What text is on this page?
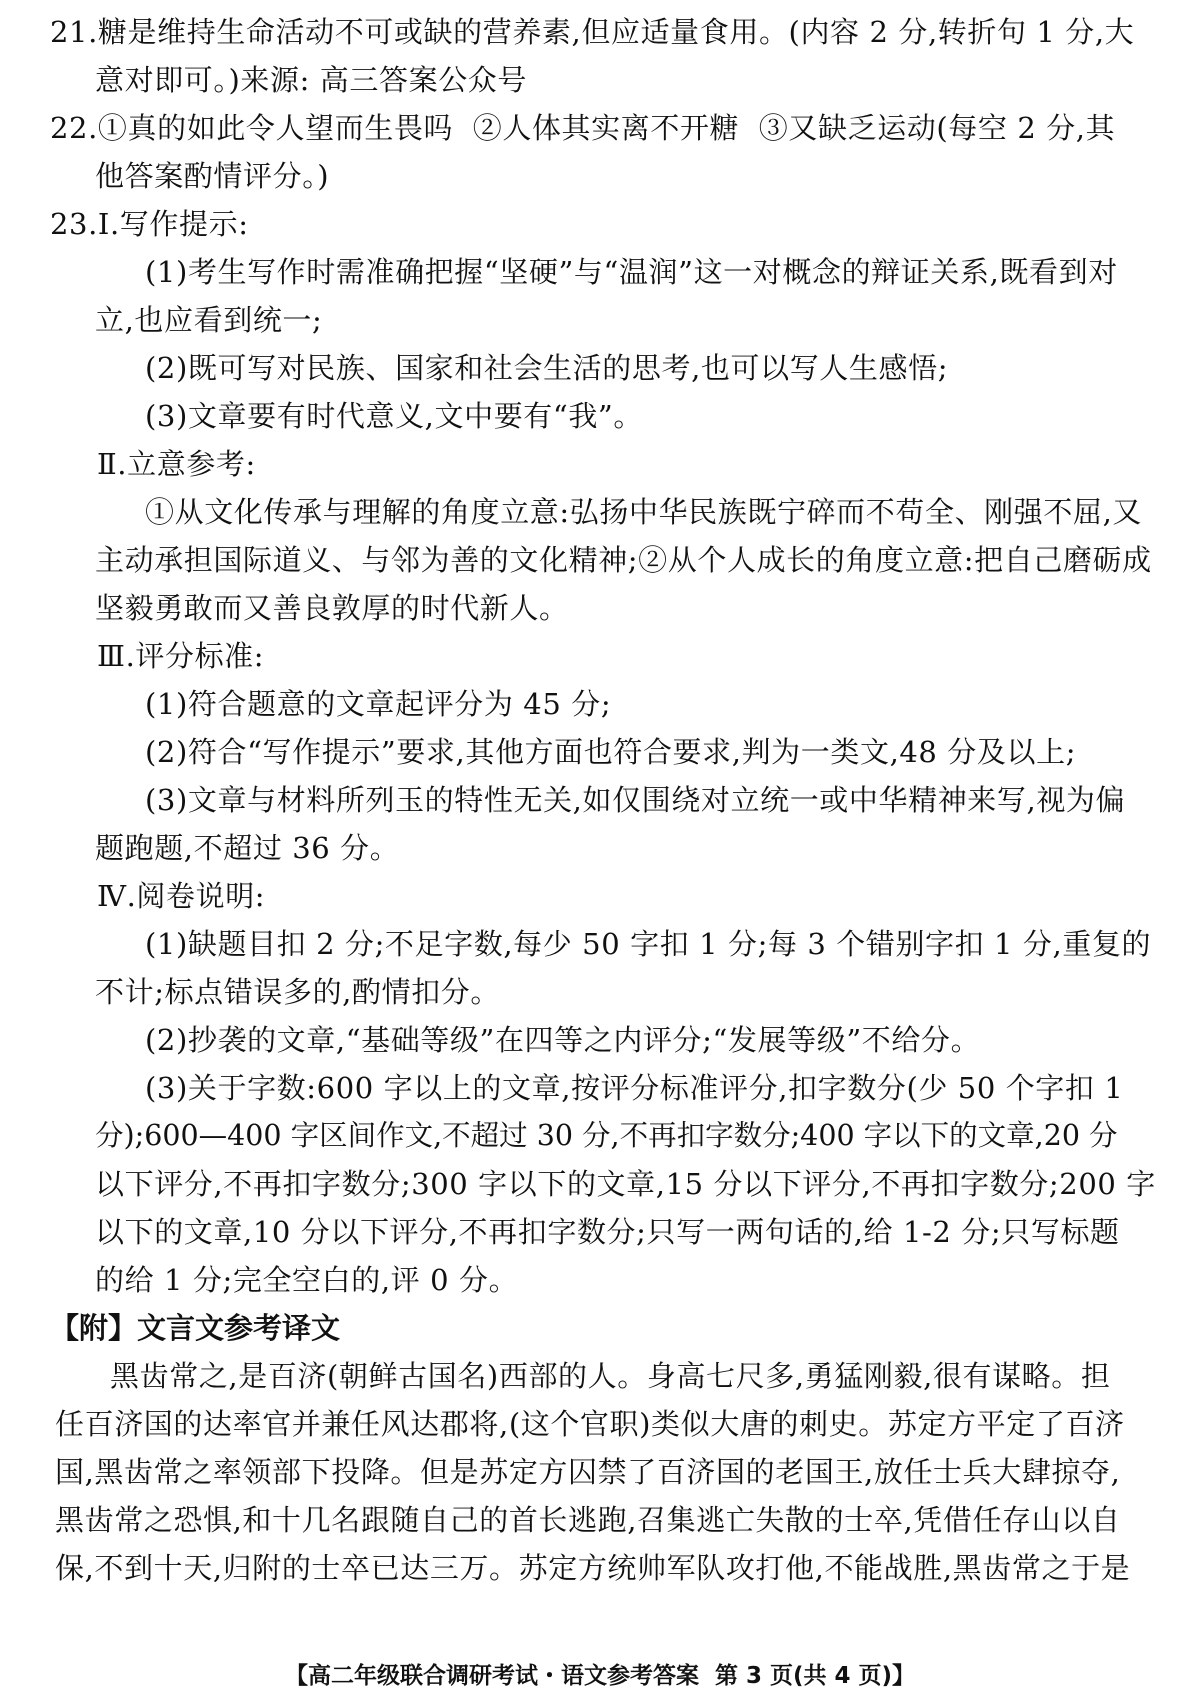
21.糖是维持生命活动不可或缺的营养素,但应适量食用。(内容 2 分,转折句 1 分,大
意对即可。)来源: 高三答案公众号
22.①真的如此令人望而生畏吗  ②人体其实离不开糖  ③又缺乏运动(每空 2 分,其
他答案酌情评分。)
23.Ⅰ.写作提示:
(1)考生写作时需准确把握“坚硬”与“温润”这一对概念的辩证关系,既看到对
立,也应看到统一;
(2)既可写对民族、国家和社会生活的思考,也可以写人生感悟;
(3)文章要有时代意义,文中要有“我”。
Ⅱ.立意参考:
①从文化传承与理解的角度立意:弘扬中华民族既宁碎而不苟全、刚强不屈,又
主动承担国际道义、与邻为善的文化精神;②从个人成长的角度立意:把自己磨砺成
坚毅勇敢而又善良敦厚的时代新人。
Ⅲ.评分标准:
(1)符合题意的文章起评分为 45 分;
(2)符合“写作提示”要求,其他方面也符合要求,判为一类文,48 分及以上;
(3)文章与材料所列玉的特性无关,如仅围绕对立统一或中华精神来写,视为偏
题跑题,不超过 36 分。
Ⅳ.阅卷说明:
(1)缺题目扣 2 分;不足字数,每少 50 字扣 1 分;每 3 个错别字扣 1 分,重复的
不计;标点错误多的,酌情扣分。
(2)抄袭的文章,“基础等级”在四等之内评分;“发展等级”不给分。
(3)关于字数:600 字以上的文章,按评分标准评分,扣字数分(少 50 个字扣 1
分);600—400 字区间作文,不超过 30 分,不再扣字数分;400 字以下的文章,20 分
以下评分,不再扣字数分;300 字以下的文章,15 分以下评分,不再扣字数分;200 字
以下的文章,10 分以下评分,不再扣字数分;只写一两句话的,给 1-2 分;只写标题
的给 1 分;完全空白的,评 0 分。
【附】文言文参考译文
黑齿常之,是百济(朝鲜古国名)西部的人。身高七尺多,勇猛刚毅,很有谋略。担
任百济国的达率官并兼任风达郡将,(这个官职)类似大唐的刺史。苏定方平定了百济
国,黑齿常之率领部下投降。但是苏定方囚禁了百济国的老国王,放任士兵大肆掠夺,
黑齿常之恐惧,和十几名跟随自己的首长逃跑,召集逃亡失散的士卒,凭借任存山以自
保,不到十天,归附的士卒已达三万。苏定方统帅军队攻打他,不能战胜,黑齿常之于是
【高二年级联合调研考试・语文参考答案  第 3 页(共 4 页)】
